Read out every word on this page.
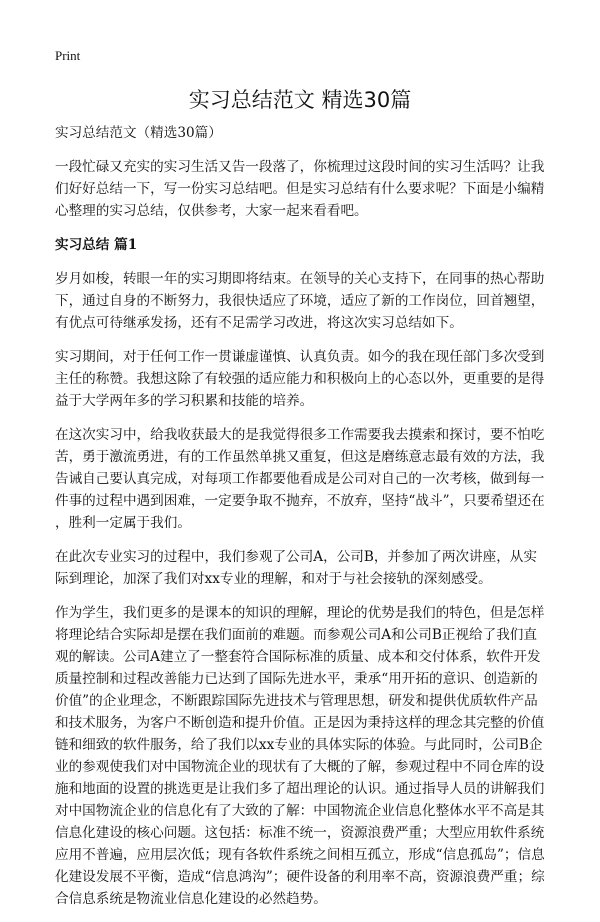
Print
实习总结范文 精选30篇
实习总结范文（精选30篇）
一段忙碌又充实的实习生活又告一段落了，你梳理过这段时间的实习生活吗？让我
们好好总结一下，写一份实习总结吧。但是实习总结有什么要求呢？下面是小编精
心整理的实习总结，仅供参考，大家一起来看看吧。
实习总结 篇1
岁月如梭，转眼一年的实习期即将结束。在领导的关心支持下，在同事的热心帮助
下，通过自身的不断努力，我很快适应了环境，适应了新的工作岗位，回首翘望，
有优点可待继承发扬，还有不足需学习改进，将这次实习总结如下。
实习期间，对于任何工作一贯谦虚谨慎、认真负责。如今的我在现任部门多次受到
主任的称赞。我想这除了有较强的适应能力和积极向上的心态以外，更重要的是得
益于大学两年多的学习积累和技能的培养。
在这次实习中，给我收获最大的是我觉得很多工作需要我去摸索和探讨，要不怕吃
苦，勇于激流勇进，有的工作虽然单挑又重复，但这是磨练意志最有效的方法，我
告诫自己要认真完成，对每项工作都要他看成是公司对自己的一次考核，做到每一
件事的过程中遇到困难，一定要争取不抛弃，不放弃，坚持“战斗”，只要希望还在
，胜利一定属于我们。
在此次专业实习的过程中，我们参观了公司A，公司B，并参加了两次讲座，从实
际到理论，加深了我们对xx专业的理解，和对于与社会接轨的深刻感受。
作为学生，我们更多的是课本的知识的理解，理论的优势是我们的特色，但是怎样
将理论结合实际却是摆在我们面前的难题。而参观公司A和公司B正视给了我们直
观的解读。公司A建立了一整套符合国际标准的质量、成本和交付体系，软件开发
质量控制和过程改善能力已达到了国际先进水平，秉承“用开拓的意识、创造新的
价值”的企业理念，不断跟踪国际先进技术与管理思想，研发和提供优质软件产品
和技术服务，为客户不断创造和提升价值。正是因为秉持这样的理念其完整的价值
链和细致的软件服务，给了我们以xx专业的具体实际的体验。与此同时，公司B企
业的参观使我们对中国物流企业的现状有了大概的了解，参观过程中不同仓库的设
施和地面的设置的挑选更是让我们多了超出理论的认识。通过指导人员的讲解我们
对中国物流企业的信息化有了大致的了解：中国物流企业信息化整体水平不高是其
信息化建设的核心问题。这包括：标准不统一，资源浪费严重；大型应用软件系统
应用不普遍，应用层次低；现有各软件系统之间相互孤立，形成“信息孤岛”；信息
化建设发展不平衡，造成“信息鸿沟”；硬件设备的利用率不高，资源浪费严重；综
合信息系统是物流业信息化建设的必然趋势。
